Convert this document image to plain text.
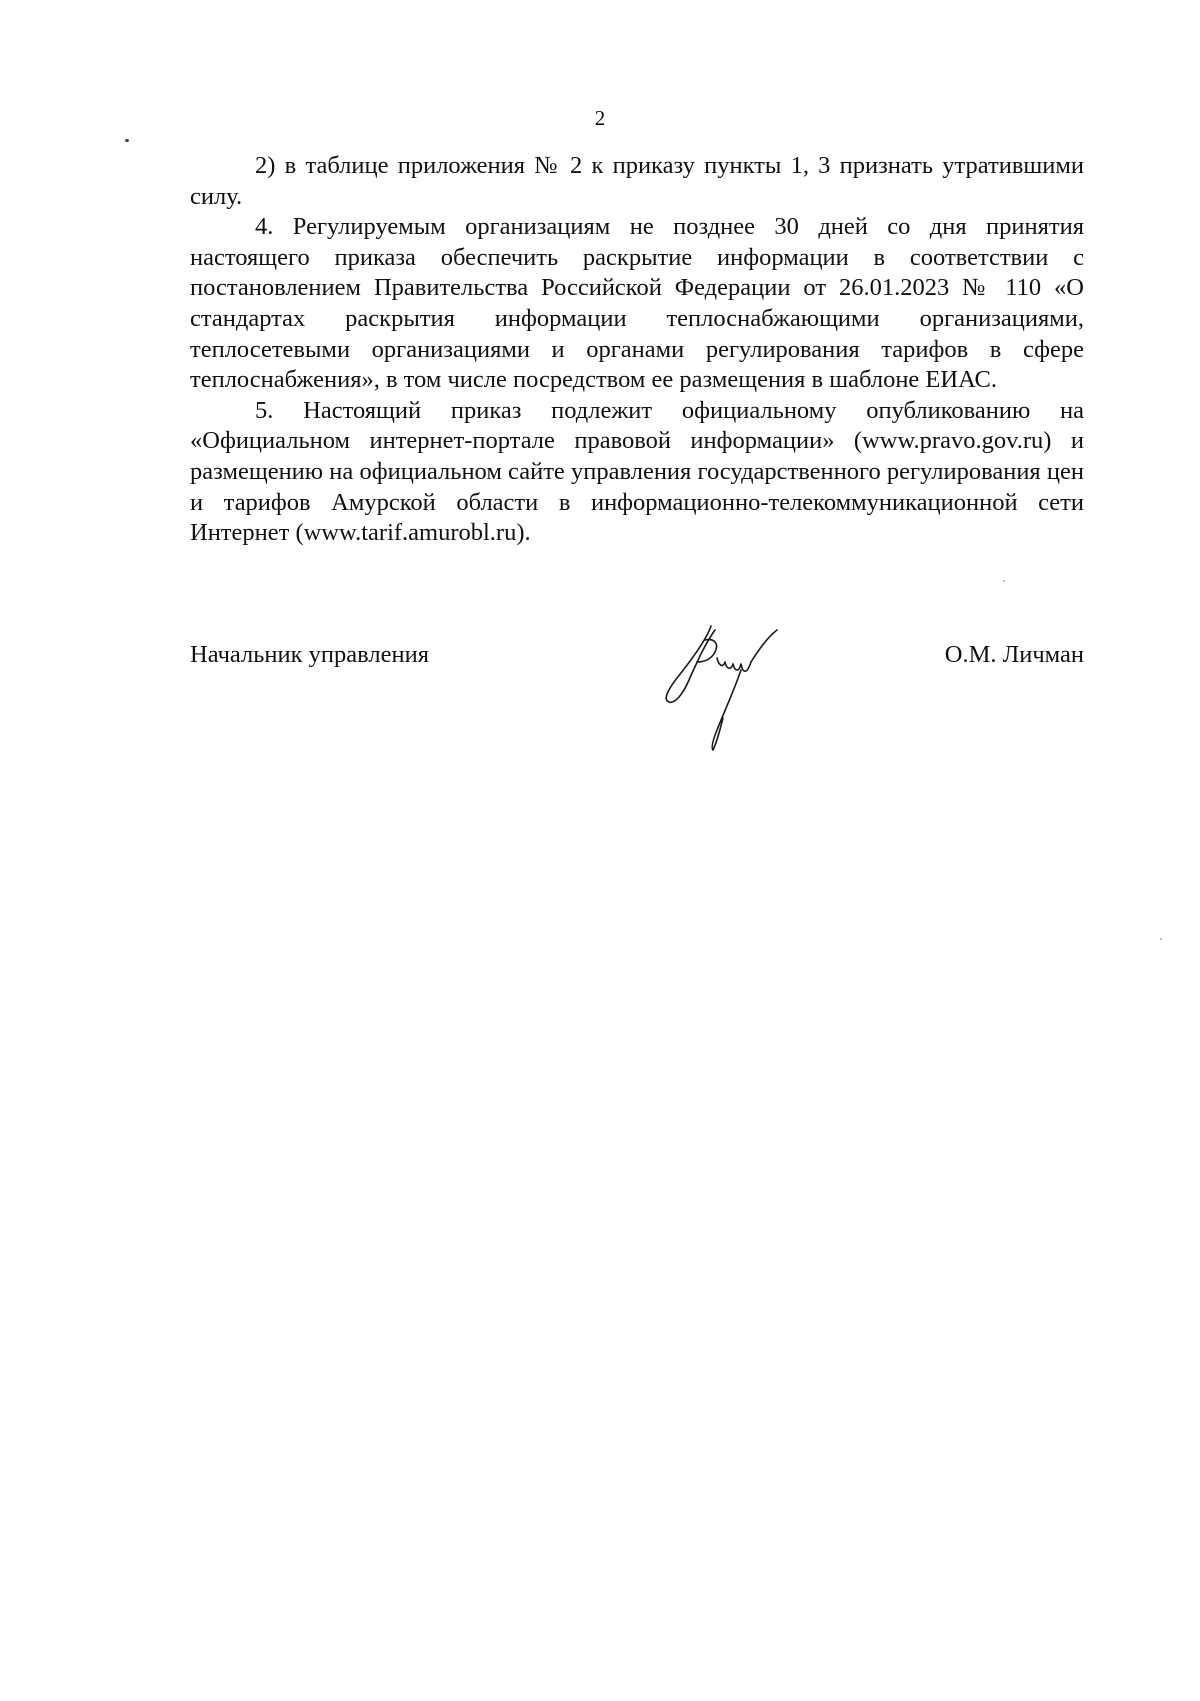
2

2) в таблице приложения № 2 к приказу пункты 1, 3 признать утратившими силу.

4. Регулируемым организациям не позднее 30 дней со дня принятия настоящего приказа обеспечить раскрытие информации в соответствии с постановлением Правительства Российской Федерации от 26.01.2023 № 110 «О стандартах раскрытия информации теплоснабжающими организациями, теплосетевыми организациями и органами регулирования тарифов в сфере теплоснабжения», в том числе посредством ее размещения в шаблоне ЕИАС.

5. Настоящий приказ подлежит официальному опубликованию на «Официальном интернет-портале правовой информации» (www.pravo.gov.ru) и размещению на официальном сайте управления государственного регулирования цен и тарифов Амурской области в информационно-телекоммуникационной сети Интернет (www.tarif.amurobl.ru).

Начальник управления	О.М. Личман
